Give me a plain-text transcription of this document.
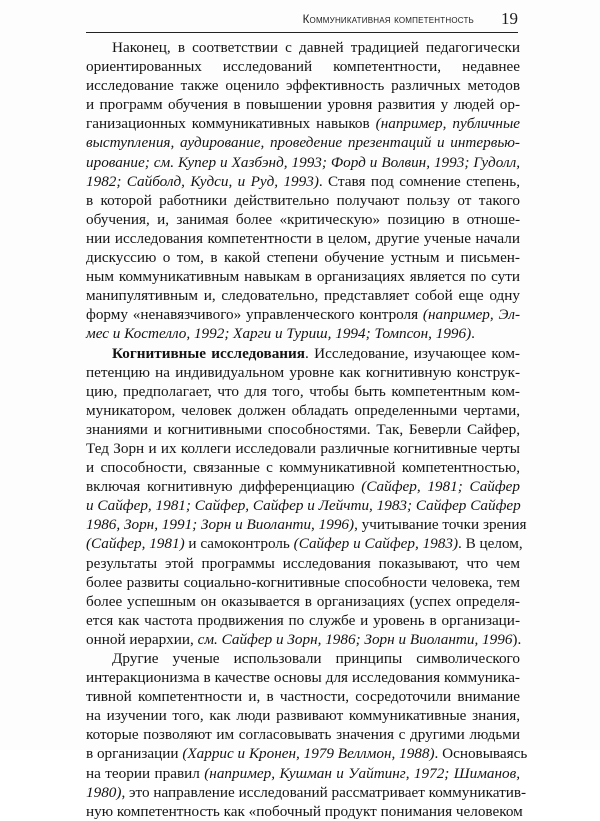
Коммуникативная компетентность 19
Наконец, в соответствии с давней традицией педагогически
ориентированных исследований компетентности, недавнее
исследование также оценило эффективность различных методов
и программ обучения в повышении уровня развития у людей ор-
ганизационных коммуникативных навыков (например, публичные
выступления, аудирование, проведение презентаций и интервью-
ирование; см. Купер и Хазбэнд, 1993; Форд и Волвин, 1993; Гудолл,
1982; Сайболд, Кудси, и Руд, 1993). Ставя под сомнение степень,
в которой работники действительно получают пользу от такого
обучения, и, занимая более «критическую» позицию в отноше-
нии исследования компетентности в целом, другие ученые начали
дискуссию о том, в какой степени обучение устным и письмен-
ным коммуникативным навыкам в организациях является по сути
манипулятивным и, следовательно, представляет собой еще одну
форму «ненавязчивого» управленческого контроля (например, Эл-
мес и Костелло, 1992; Харги и Туриш, 1994; Томпсон, 1996).
Когнитивные исследования. Исследование, изучающее ком-
петенцию на индивидуальном уровне как когнитивную конструк-
цию, предполагает, что для того, чтобы быть компетентным ком-
муникатором, человек должен обладать определенными чертами,
знаниями и когнитивными способностями. Так, Беверли Сайфер,
Тед Зорн и их коллеги исследовали различные когнитивные черты
и способности, связанные с коммуникативной компетентностью,
включая когнитивную дифференциацию (Сайфер, 1981; Сайфер
и Сайфер, 1981; Сайфер, Сайфер и Лейчти, 1983; Сайфер Сайфер
1986, Зорн, 1991; Зорн и Виоланти, 1996), учитывание точки зрения
(Сайфер, 1981) и самоконтроль (Сайфер и Сайфер, 1983). В целом,
результаты этой программы исследования показывают, что чем
более развиты социально-когнитивные способности человека, тем
более успешным он оказывается в организациях (успех определя-
ется как частота продвижения по службе и уровень в организаци-
онной иерархии, см. Сайфер и Зорн, 1986; Зорн и Виоланти, 1996).
Другие ученые использовали принципы символического
интеракционизма в качестве основы для исследования коммуника-
тивной компетентности и, в частности, сосредоточили внимание
на изучении того, как люди развивают коммуникативные знания,
которые позволяют им согласовывать значения с другими людьми
в организации (Харрис и Кронен, 1979 Веллмон, 1988). Основываясь
на теории правил (например, Кушман и Уайтинг, 1972; Шиманов,
1980), это направление исследований рассматривает коммуникатив-
ную компетентность как «побочный продукт понимания человеком
